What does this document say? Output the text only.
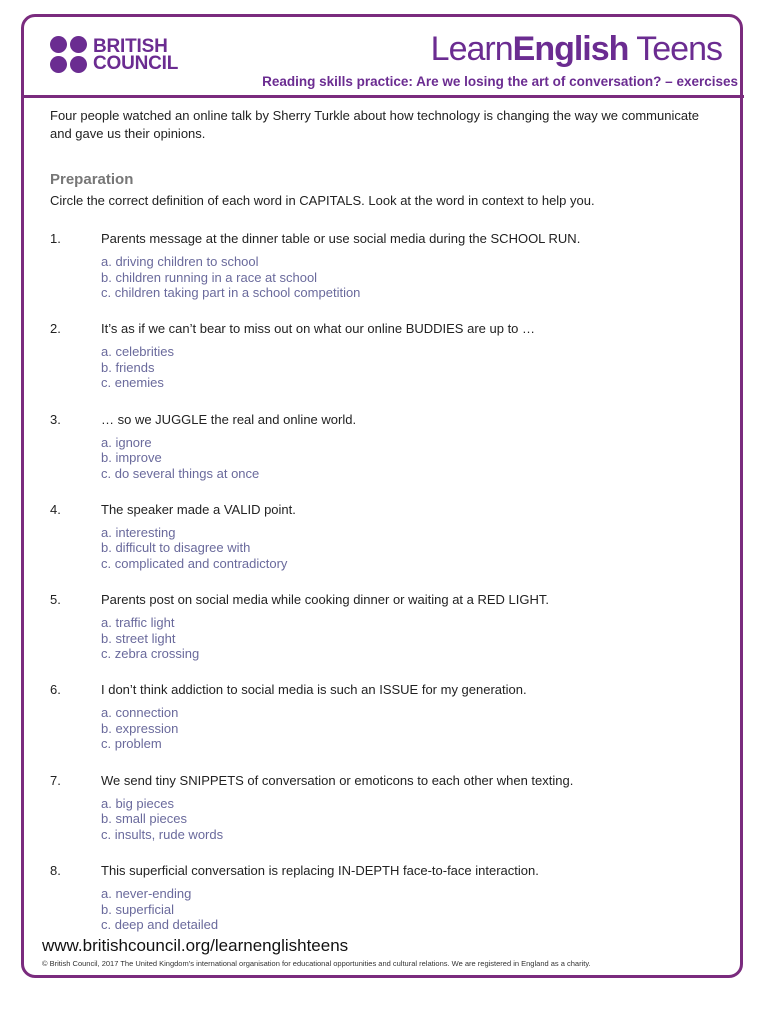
BRITISH
COUNCIL	LearnEnglish Teens
Reading skills practice: Are we losing the art of conversation? – exercises
Four people watched an online talk by Sherry Turkle about how technology is changing the way we communicate and gave us their opinions.
Preparation
Circle the correct definition of each word in CAPITALS. Look at the word in context to help you.
1.	Parents message at the dinner table or use social media during the SCHOOL RUN.
a. driving children to school
b. children running in a race at school
c. children taking part in a school competition
2.	It’s as if we can’t bear to miss out on what our online BUDDIES are up to …
a. celebrities
b. friends
c. enemies
3.	… so we JUGGLE the real and online world.
a. ignore
b. improve
c. do several things at once
4.	The speaker made a VALID point.
a. interesting
b. difficult to disagree with
c. complicated and contradictory
5.	Parents post on social media while cooking dinner or waiting at a RED LIGHT.
a. traffic light
b. street light
c. zebra crossing
6.	I don’t think addiction to social media is such an ISSUE for my generation.
a. connection
b. expression
c. problem
7.	We send tiny SNIPPETS of conversation or emoticons to each other when texting.
a. big pieces
b. small pieces
c. insults, rude words
8.	This superficial conversation is replacing IN-DEPTH face-to-face interaction.
a. never-ending
b. superficial
c. deep and detailed
www.britishcouncil.org/learnenglishteens
© British Council, 2017 The United Kingdom’s international organisation for educational opportunities and cultural relations. We are registered in England as a charity.
